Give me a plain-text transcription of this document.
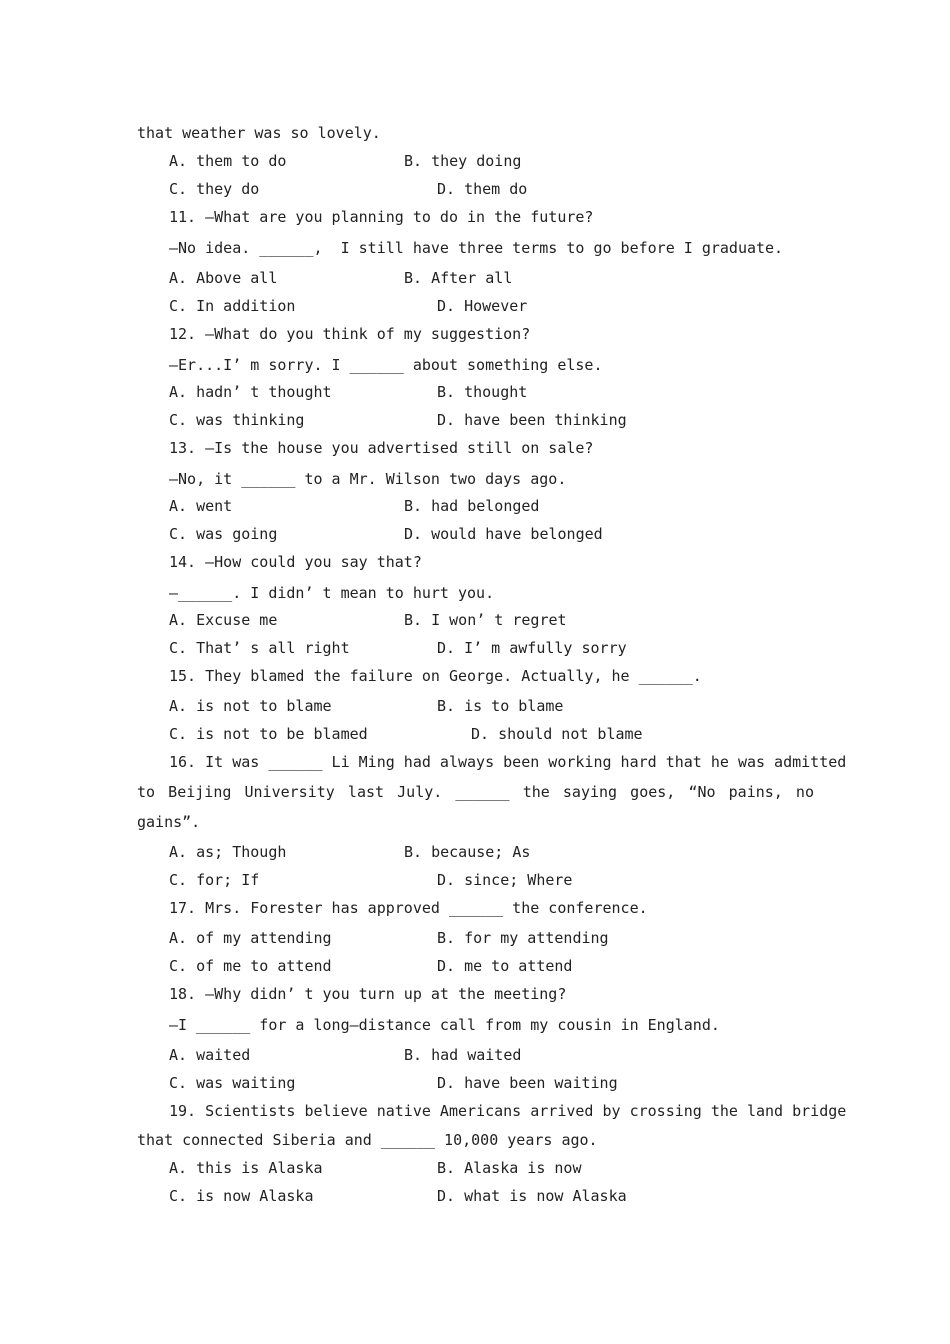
that weather was so lovely.
A. them to do	B. they doing
C. they do	D. them do
11. —What are you planning to do in the future?
—No idea. ______,  I still have three terms to go before I graduate.
A. Above all	B. After all
C. In addition	D. However
12. —What do you think of my suggestion?
—Er...I’ m sorry. I ______ about something else.
A. hadn’ t thought	B. thought
C. was thinking	D. have been thinking
13. —Is the house you advertised still on sale?
—No, it ______ to a Mr. Wilson two days ago.
A. went	B. had belonged
C. was going	D. would have belonged
14. —How could you say that?
—______. I didn’ t mean to hurt you.
A. Excuse me	B. I won’ t regret
C. That’ s all right	D. I’ m awfully sorry
15. They blamed the failure on George. Actually, he ______.
A. is not to blame	B. is to blame
C. is not to be blamed	D. should not blame
16. It was ______ Li Ming had always been working hard that he was admitted
to Beijing University last July. ______ the saying goes, “No pains, no
gains”.
A. as; Though	B. because; As
C. for; If	D. since; Where
17. Mrs. Forester has approved ______ the conference.
A. of my attending	B. for my attending
C. of me to attend	D. me to attend
18. —Why didn’ t you turn up at the meeting?
—I ______ for a long—distance call from my cousin in England.
A. waited	B. had waited
C. was waiting	D. have been waiting
19. Scientists believe native Americans arrived by crossing the land bridge
that connected Siberia and ______ 10,000 years ago.
A. this is Alaska	B. Alaska is now
C. is now Alaska	D. what is now Alaska
